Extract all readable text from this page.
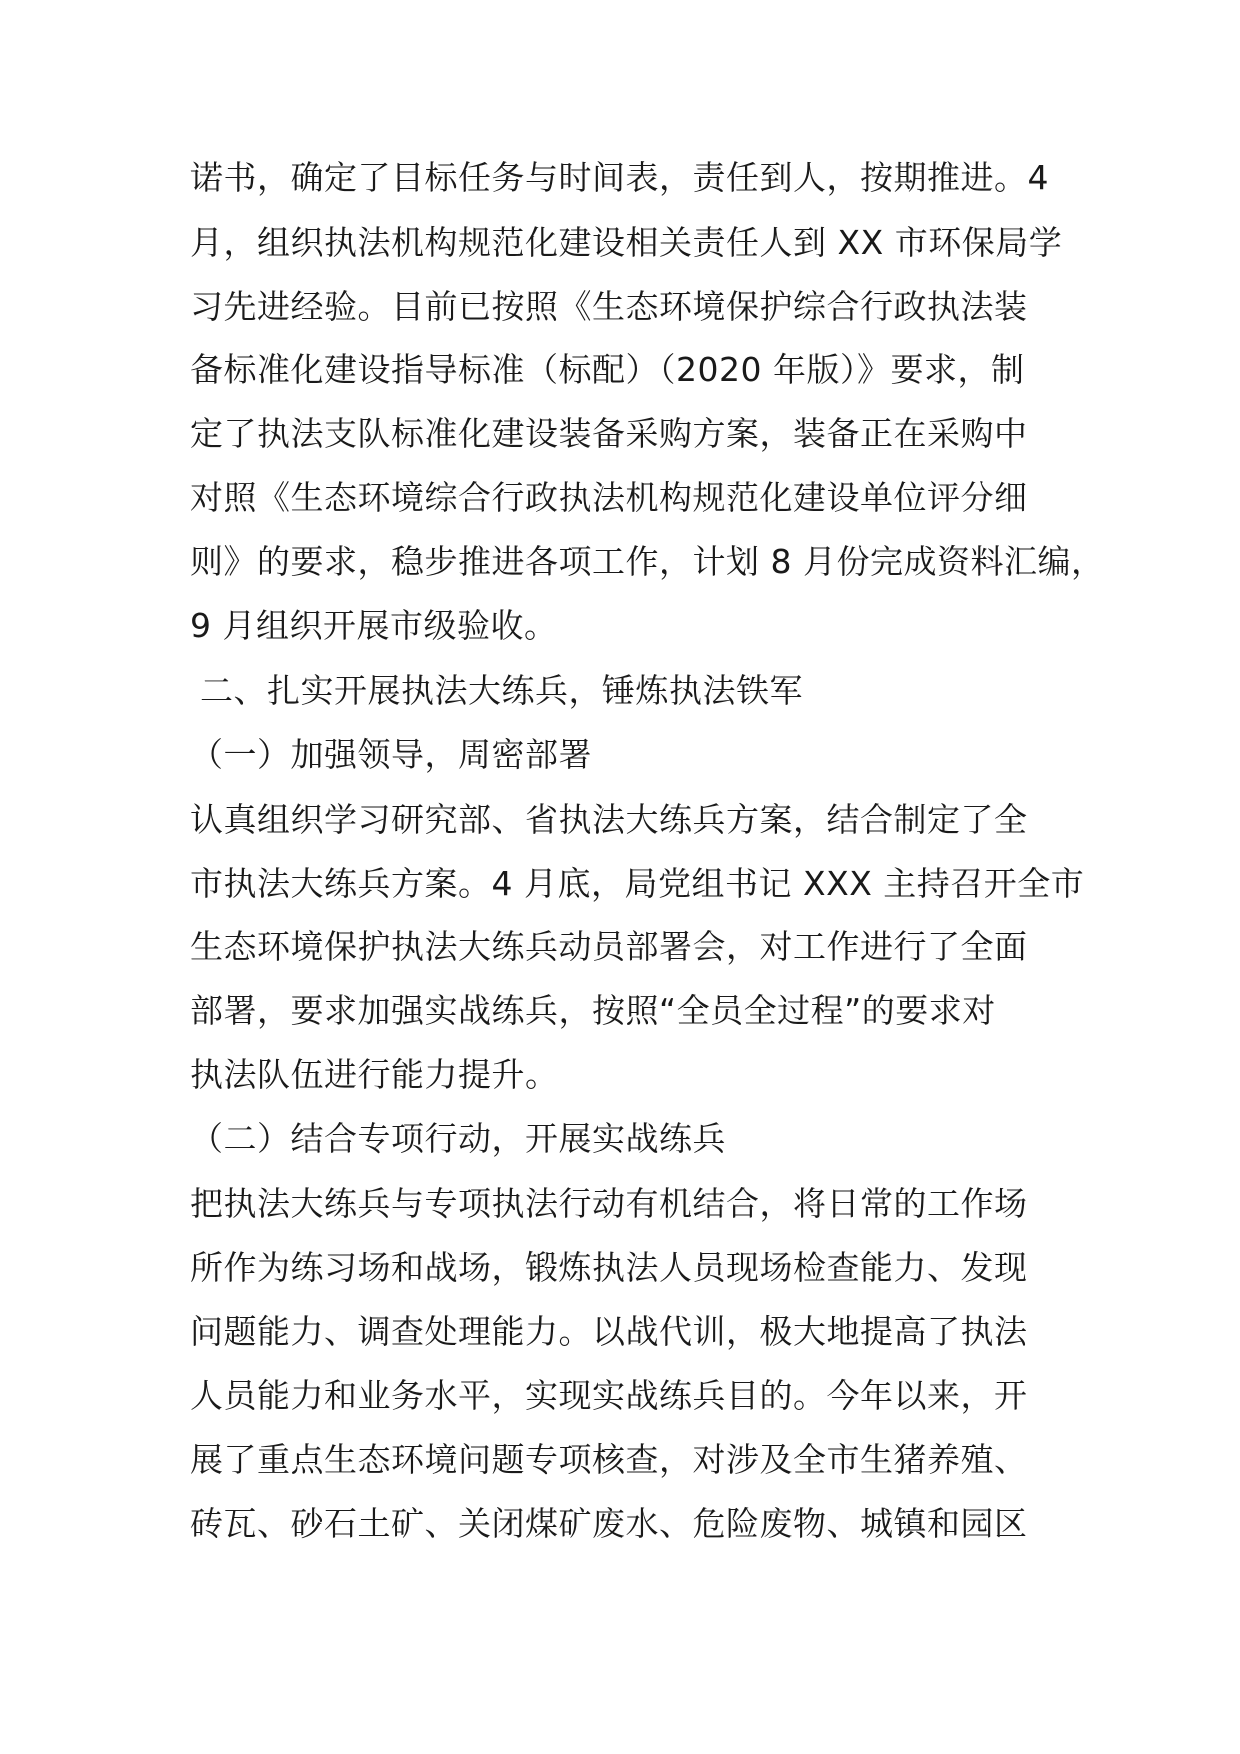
诺书，确定了目标任务与时间表，责任到人，按期推进。4
月，组织执法机构规范化建设相关责任人到 XX 市环保局学
习先进经验。目前已按照《生态环境保护综合行政执法装
备标准化建设指导标准（标配）（2020 年版）》要求，制
定了执法支队标准化建设装备采购方案，装备正在采购中
对照《生态环境综合行政执法机构规范化建设单位评分细
则》的要求，稳步推进各项工作，计划 8 月份完成资料汇编，
9 月组织开展市级验收。
二、扎实开展执法大练兵，锤炼执法铁军
（一）加强领导，周密部署
认真组织学习研究部、省执法大练兵方案，结合制定了全
市执法大练兵方案。4 月底，局党组书记 XXX 主持召开全市
生态环境保护执法大练兵动员部署会，对工作进行了全面
部署，要求加强实战练兵，按照“全员全过程”的要求对
执法队伍进行能力提升。
（二）结合专项行动，开展实战练兵
把执法大练兵与专项执法行动有机结合，将日常的工作场
所作为练习场和战场，锻炼执法人员现场检查能力、发现
问题能力、调查处理能力。以战代训，极大地提高了执法
人员能力和业务水平，实现实战练兵目的。今年以来，开
展了重点生态环境问题专项核查，对涉及全市生猪养殖、
砖瓦、砂石土矿、关闭煤矿废水、危险废物、城镇和园区
